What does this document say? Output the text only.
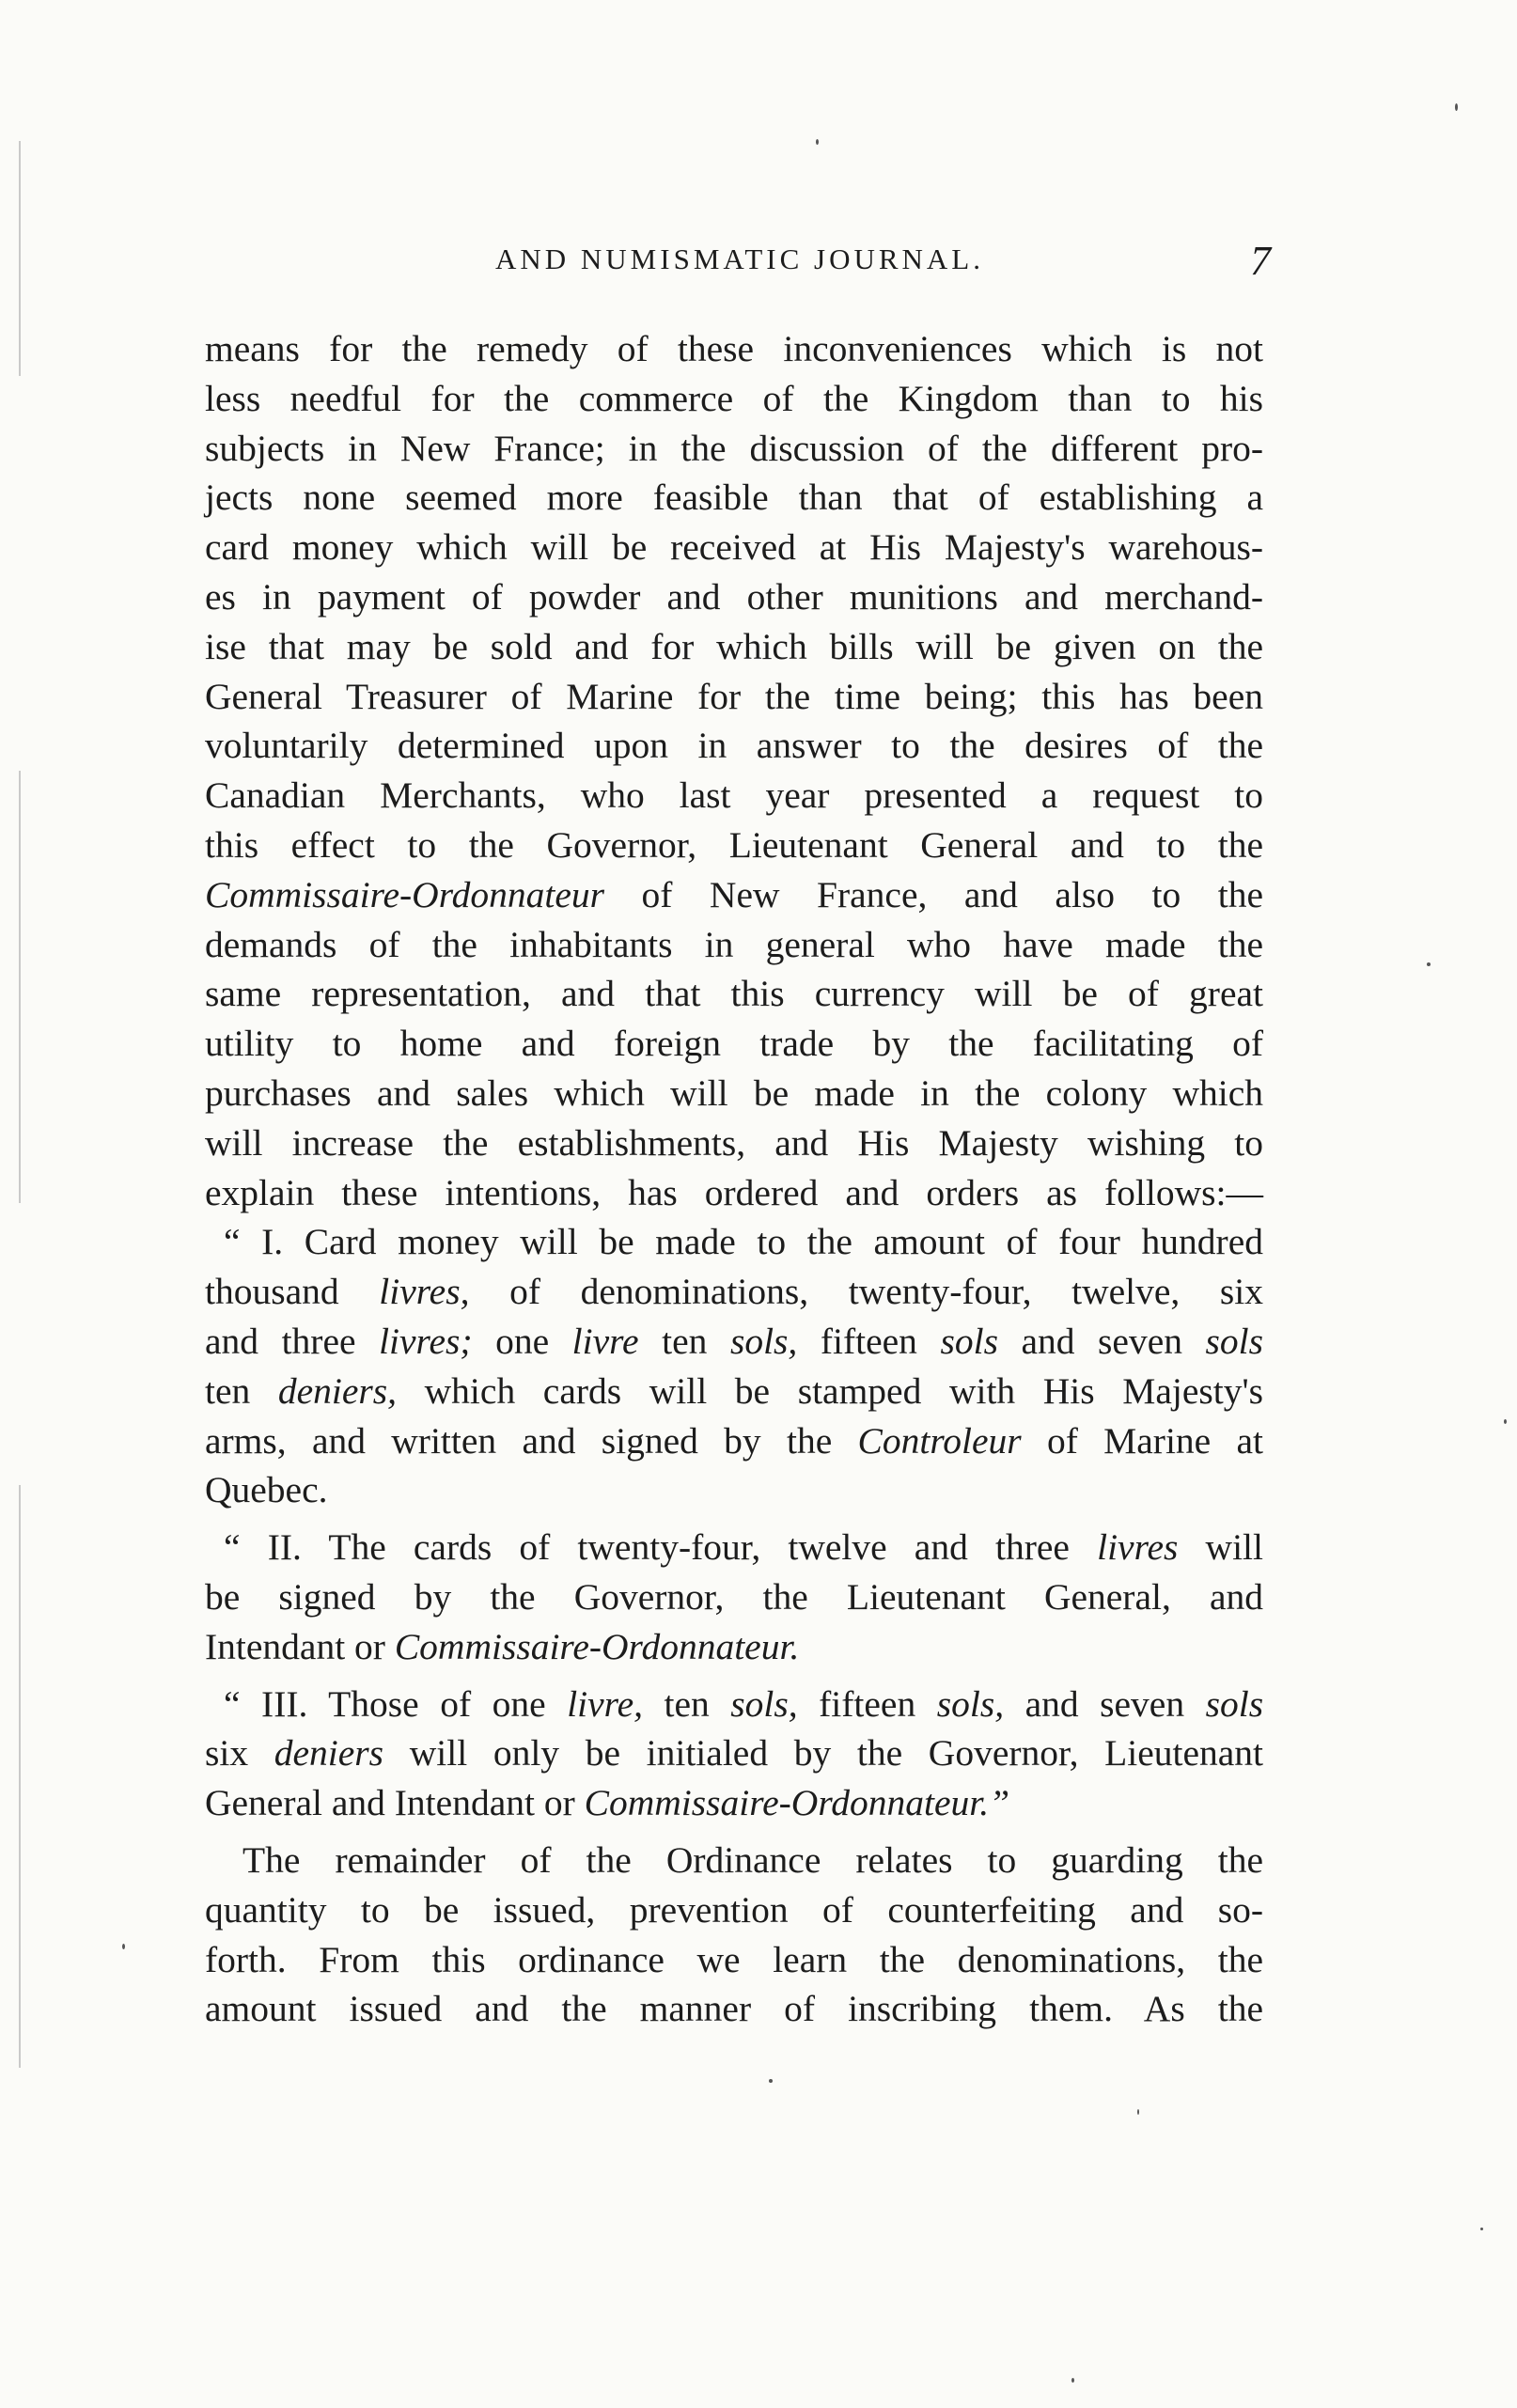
AND NUMISMATIC JOURNAL.	7
means for the remedy of these inconveniences which is not
less needful for the commerce of the Kingdom than to his
subjects in New France; in the discussion of the different pro-
jects none seemed more feasible than that of establishing a
card money which will be received at His Majesty's warehous-
es in payment of powder and other munitions and merchand-
ise that may be sold and for which bills will be given on the
General Treasurer of Marine for the time being; this has been
voluntarily determined upon in answer to the desires of the
Canadian Merchants, who last year presented a request to
this effect to the Governor, Lieutenant General and to the
Commissaire-Ordonnateur of New France, and also to the
demands of the inhabitants in general who have made the
same representation, and that this currency will be of great
utility to home and foreign trade by the facilitating of
purchases and sales which will be made in the colony which
will increase the establishments, and His Majesty wishing to
explain these intentions, has ordered and orders as follows:—
“ I. Card money will be made to the amount of four hundred
thousand livres, of denominations, twenty-four, twelve, six
and three livres; one livre ten sols, fifteen sols and seven sols
ten deniers, which cards will be stamped with His Majesty's
arms, and written and signed by the Controleur of Marine at
Quebec.
“ II. The cards of twenty-four, twelve and three livres will
be signed by the Governor, the Lieutenant General, and
Intendant or Commissaire-Ordonnateur.
“ III. Those of one livre, ten sols, fifteen sols, and seven sols
six deniers will only be initialed by the Governor, Lieutenant
General and Intendant or Commissaire-Ordonnateur.”
The remainder of the Ordinance relates to guarding the
quantity to be issued, prevention of counterfeiting and so-
forth. From this ordinance we learn the denominations, the
amount issued and the manner of inscribing them. As the
